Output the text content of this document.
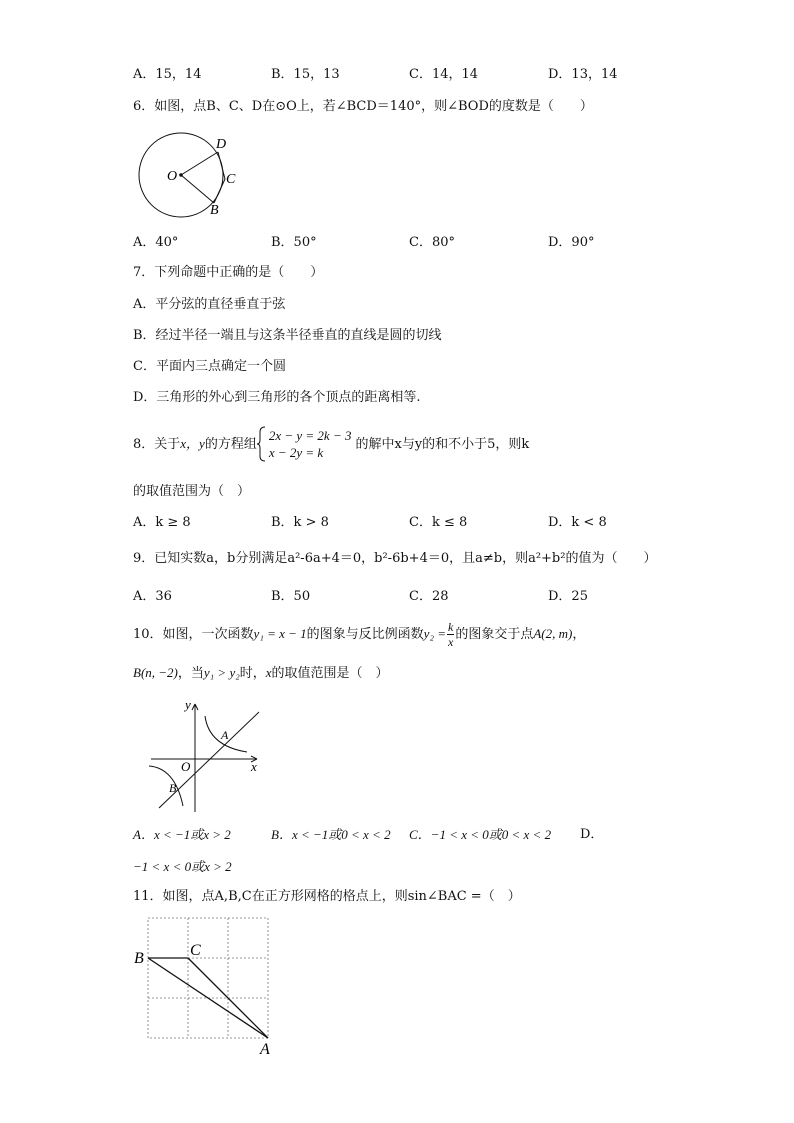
A．15，14	B．15，13	C．14，14	D．13，14
6．如图，点B、C、D在⊙O上，若∠BCD＝140°，则∠BOD的度数是（　　）
O
D
C
B
A．40°	B．50°	C．80°	D．90°
7．下列命题中正确的是（　　）
A．平分弦的直径垂直于弦
B．经过半径一端且与这条半径垂直的直线是圆的切线
C．平面内三点确定一个圆
D．三角形的外心到三角形的各个顶点的距离相等.
8．关于x，y的方程组
2x − y = 2k − 3
x − 2y = k
的解中x与y的和不小于5，则k
的取值范围为（　）
A．k ≥ 8	B．k > 8	C．k ≤ 8	D．k < 8
9．已知实数a，b分别满足a²-6a+4＝0，b²-6b+4＝0，且a≠b，则a²+b²的值为（　　）
A．36	B．50	C．28	D．25
10．如图，一次函数y₁ = x − 1的图象与反比例函数$y_2 = \frac{k}{x}$ 的图象交于点A(2, m)，
B(n, −2)，当y₁ > y₂时，x的取值范围是（　）
y
x
O
A
B
A．x < −1或x > 2	B．x < −1或0 < x < 2 C．−1 < x < 0或0 < x < 2 D．
−1 < x < 0或x > 2
11．如图，点A,B,C在正方形网格的格点上，则sin∠BAC =（　）
B	C
A
